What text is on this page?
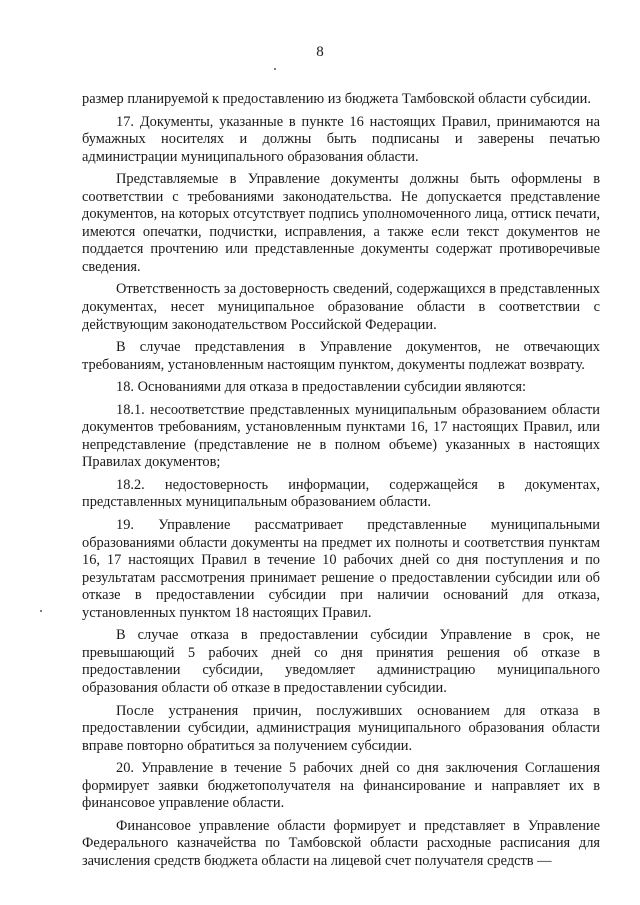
8

размер планируемой к предоставлению из бюджета Тамбовской области субсидии.

17. Документы, указанные в пункте 16 настоящих Правил, принимаются на бумажных носителях и должны быть подписаны и заверены печатью администрации муниципального образования области.

Представляемые в Управление документы должны быть оформлены в соответствии с требованиями законодательства. Не допускается представление документов, на которых отсутствует подпись уполномоченного лица, оттиск печати, имеются опечатки, подчистки, исправления, а также если текст документов не поддается прочтению или представленные документы содержат противоречивые сведения.

Ответственность за достоверность сведений, содержащихся в представленных документах, несет муниципальное образование области в соответствии с действующим законодательством Российской Федерации.

В случае представления в Управление документов, не отвечающих требованиям, установленным настоящим пунктом, документы подлежат возврату.

18. Основаниями для отказа в предоставлении субсидии являются:

18.1. несоответствие представленных муниципальным образованием области документов требованиям, установленным пунктами 16, 17 настоящих Правил, или непредставление (представление не в полном объеме) указанных в настоящих Правилах документов;

18.2. недостоверность информации, содержащейся в документах, представленных муниципальным образованием области.

19. Управление рассматривает представленные муниципальными образованиями области документы на предмет их полноты и соответствия пунктам 16, 17 настоящих Правил в течение 10 рабочих дней со дня поступления и по результатам рассмотрения принимает решение о предоставлении субсидии или об отказе в предоставлении субсидии при наличии оснований для отказа, установленных пунктом 18 настоящих Правил.

В случае отказа в предоставлении субсидии Управление в срок, не превышающий 5 рабочих дней со дня принятия решения об отказе в предоставлении субсидии, уведомляет администрацию муниципального образования области об отказе в предоставлении субсидии.

После устранения причин, послуживших основанием для отказа в предоставлении субсидии, администрация муниципального образования области вправе повторно обратиться за получением субсидии.

20. Управление в течение 5 рабочих дней со дня заключения Соглашения формирует заявки бюджетополучателя на финансирование и направляет их в финансовое управление области.

Финансовое управление области формирует и представляет в Управление Федерального казначейства по Тамбовской области расходные расписания для зачисления средств бюджета области на лицевой счет получателя средств —
